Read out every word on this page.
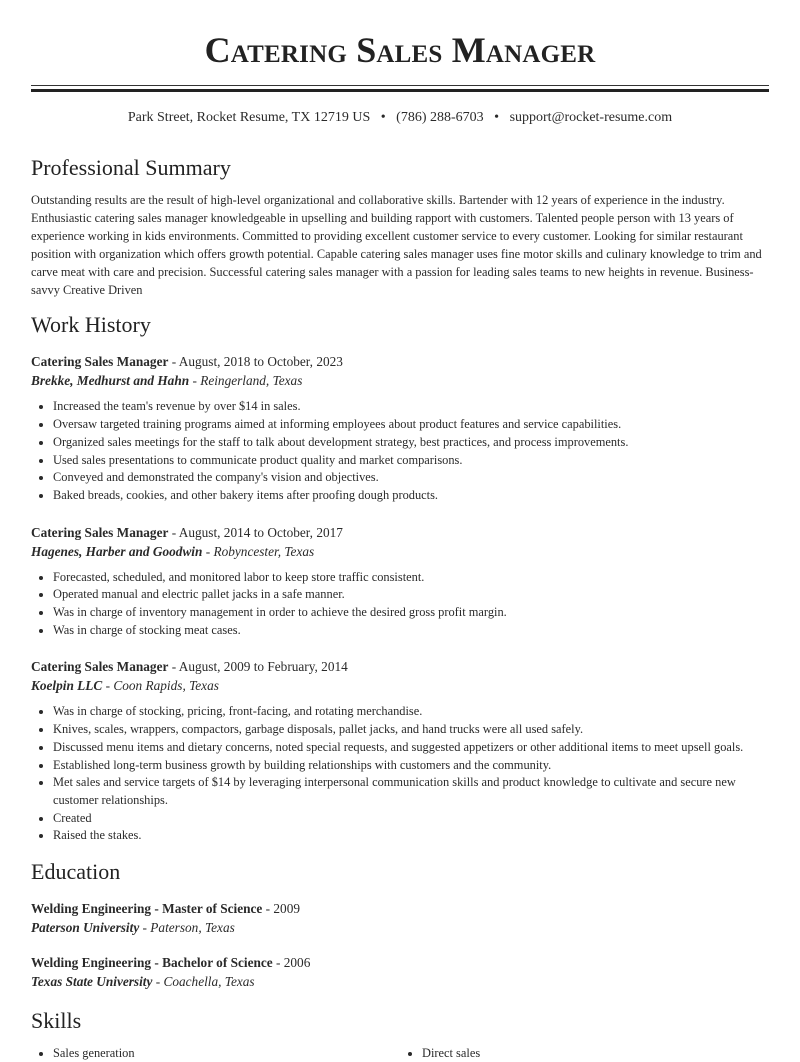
Catering Sales Manager
Park Street, Rocket Resume, TX 12719 US • (786) 288-6703 • support@rocket-resume.com
Professional Summary
Outstanding results are the result of high-level organizational and collaborative skills. Bartender with 12 years of experience in the industry. Enthusiastic catering sales manager knowledgeable in upselling and building rapport with customers. Talented people person with 13 years of experience working in kids environments. Committed to providing excellent customer service to every customer. Looking for similar restaurant position with organization which offers growth potential. Capable catering sales manager uses fine motor skills and culinary knowledge to trim and carve meat with care and precision. Successful catering sales manager with a passion for leading sales teams to new heights in revenue. Business-savvy Creative Driven
Work History
Catering Sales Manager - August, 2018 to October, 2023
Brekke, Medhurst and Hahn - Reingerland, Texas
• Increased the team's revenue by over $14 in sales.
• Oversaw targeted training programs aimed at informing employees about product features and service capabilities.
• Organized sales meetings for the staff to talk about development strategy, best practices, and process improvements.
• Used sales presentations to communicate product quality and market comparisons.
• Conveyed and demonstrated the company's vision and objectives.
• Baked breads, cookies, and other bakery items after proofing dough products.
Catering Sales Manager - August, 2014 to October, 2017
Hagenes, Harber and Goodwin - Robyncester, Texas
• Forecasted, scheduled, and monitored labor to keep store traffic consistent.
• Operated manual and electric pallet jacks in a safe manner.
• Was in charge of inventory management in order to achieve the desired gross profit margin.
• Was in charge of stocking meat cases.
Catering Sales Manager - August, 2009 to February, 2014
Koelpin LLC - Coon Rapids, Texas
• Was in charge of stocking, pricing, front-facing, and rotating merchandise.
• Knives, scales, wrappers, compactors, garbage disposals, pallet jacks, and hand trucks were all used safely.
• Discussed menu items and dietary concerns, noted special requests, and suggested appetizers or other additional items to meet upsell goals.
• Established long-term business growth by building relationships with customers and the community.
• Met sales and service targets of $14 by leveraging interpersonal communication skills and product knowledge to cultivate and secure new customer relationships.
• Created
• Raised the stakes.
Education
Welding Engineering - Master of Science - 2009
Paterson University - Paterson, Texas
Welding Engineering - Bachelor of Science - 2006
Texas State University - Coachella, Texas
Skills
• Sales generation	• Direct sales
